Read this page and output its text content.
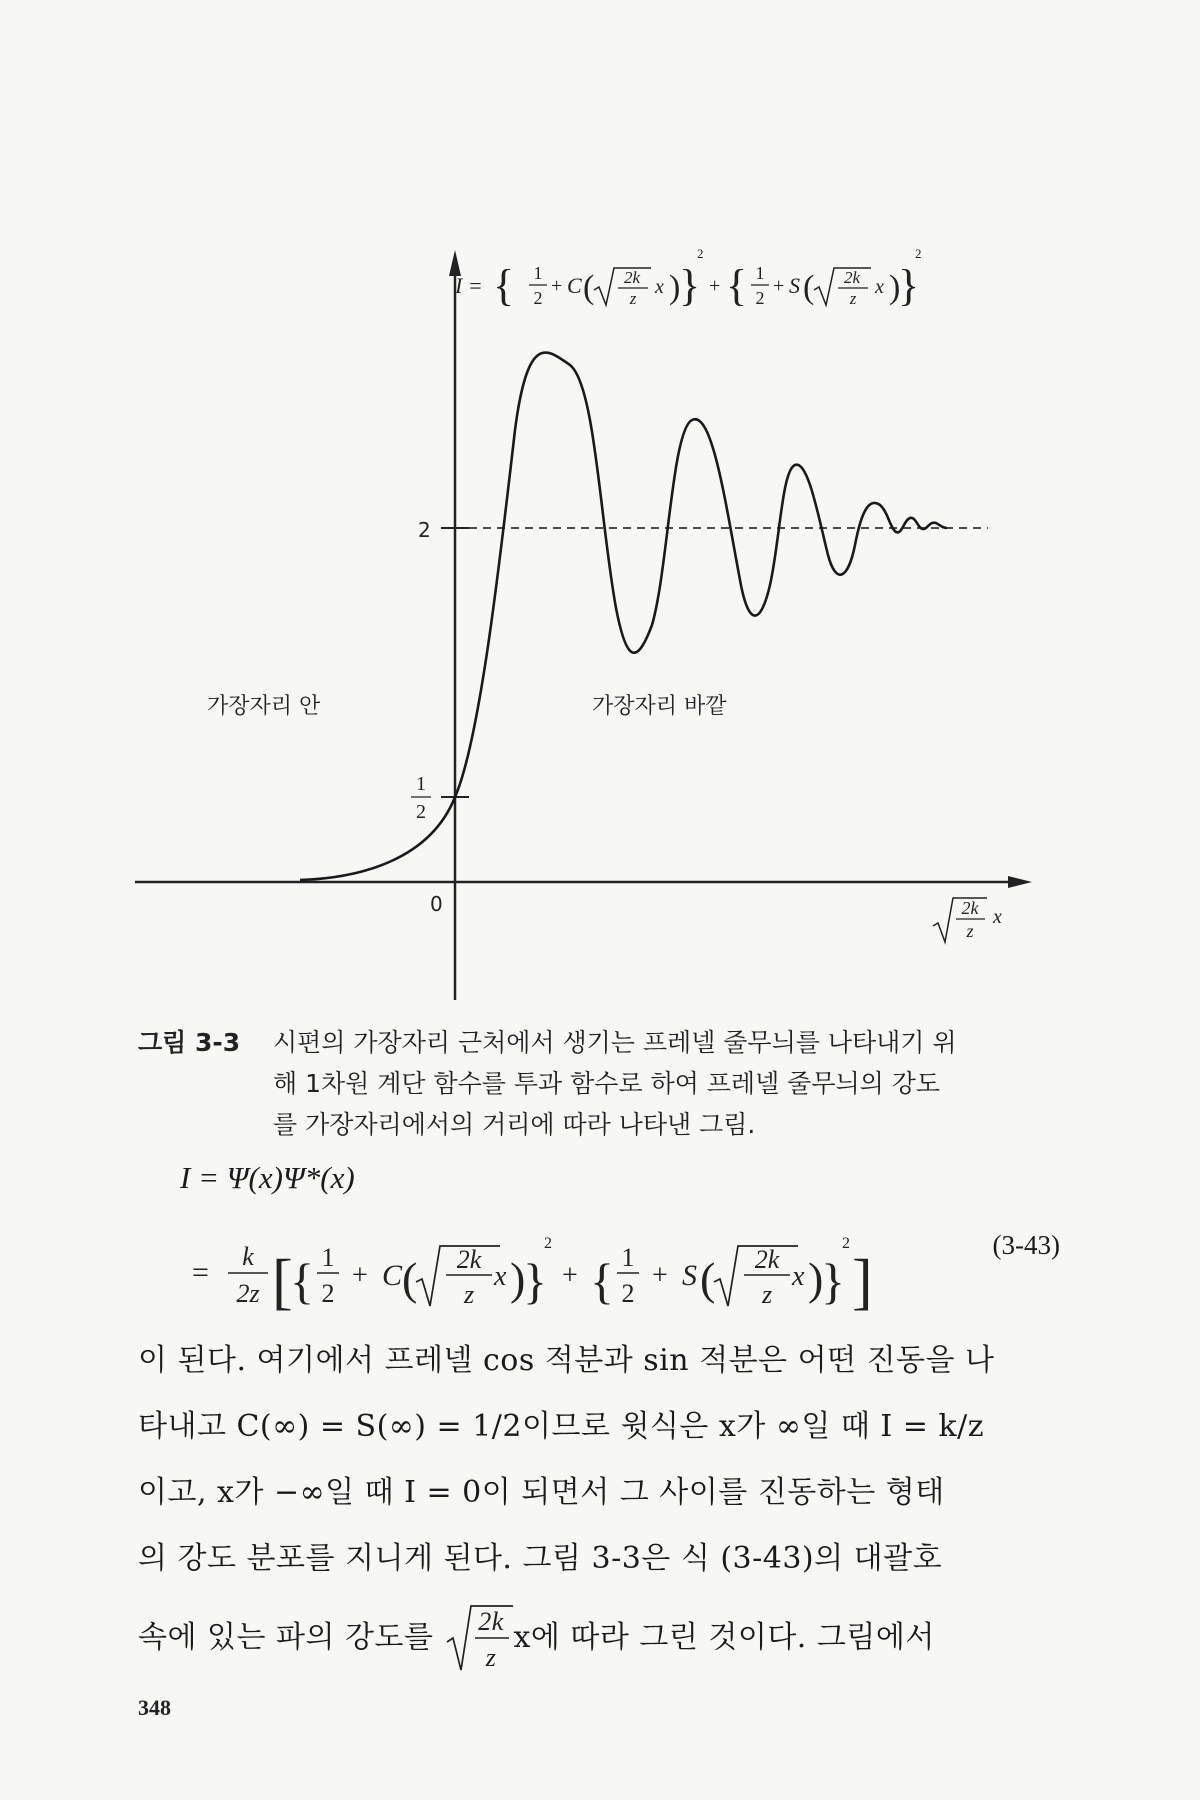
I = { 1
2
+ C ( 2k
z
x )
}
2
+ { 1
2
+ S ( 2k
z
x )
}
2
2
1
2
0	2k
z
x
가장자리 안	가장자리 바깥
그림 3-3 시편의 가장자리 근처에서 생기는 프레넬 줄무늬를 나타내기 위
해 1차원 계단 함수를 투과 함수로 하여 프레넬 줄무늬의 강도
를 가장자리에서의 거리에 따라 나타낸 그림.
I = Ψ(x)Ψ*(x)
(3-43)
= k
2z [
{ 1
2
+ C ( 2k
z
x )
}
2
+ { 1
2
+ S ( 2k
z
x )
}
2
]

이 된다. 여기에서 프레넬 cos 적분과 sin 적분은 어떤 진동을 나

타내고 C(∞) = S(∞) = 1/2이므로 윗식은 x가 ∞일 때 I = k/z

이고, x가 −∞일 때 I = 0이 되면서 그 사이를 진동하는 형태

의 강도 분포를 지니게 된다. 그림 3-3은 식 (3-43)의 대괄호

속에 있는 파의 강도를 2k
z
x에 따라 그린 것이다. 그림에서

348
